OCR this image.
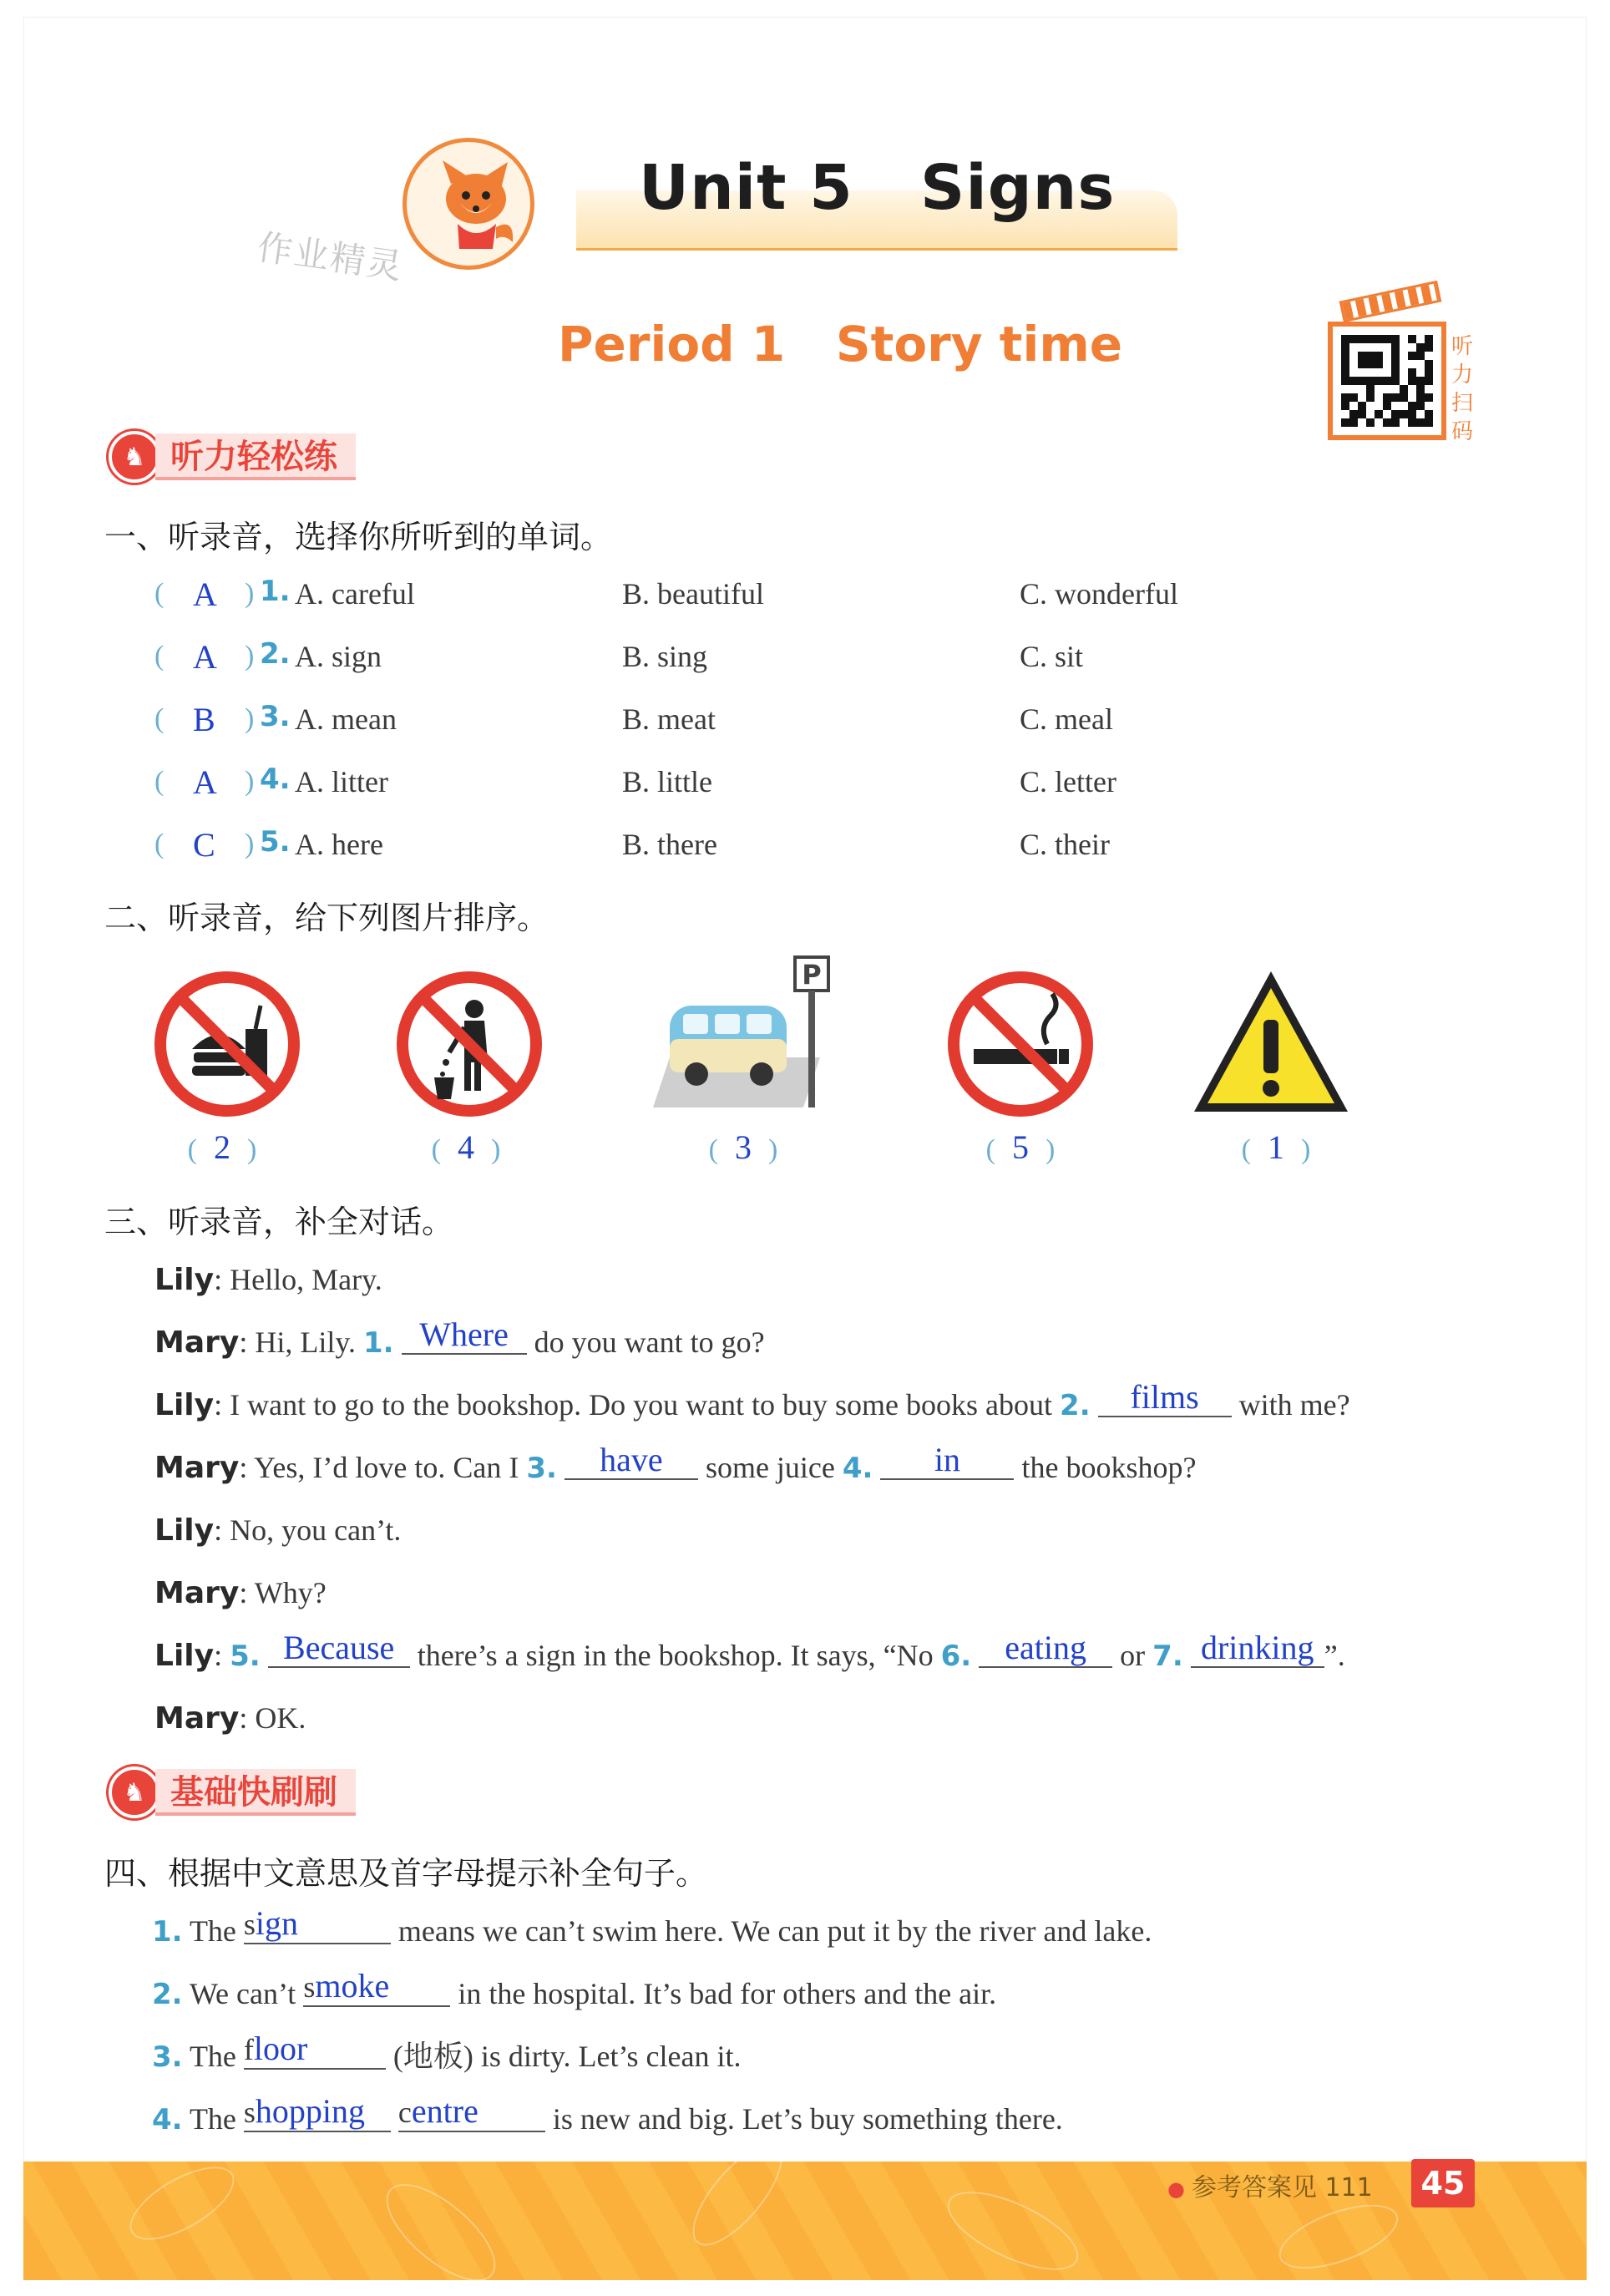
Unit 5   Signs
作业精灵
Period 1   Story time	听力扫码
♞ 听力轻松练
一、听录音，选择你所听到的单词。
( A ) 1. A. careful	B. beautiful	C. wonderful
( A ) 2. A. sign	B. sing	C. sit
( B ) 3. A. mean	B. meat	C. meal
( A ) 4. A. litter	B. little	C. letter
( C ) 5. A. here	B. there	C. their
二、听录音，给下列图片排序。
P
( 2 )	( 4 )	( 3 )	( 5 )	( 1 )
三、听录音，补全对话。
Lily: Hello, Mary.
Mary: Hi, Lily. 1. Where do you want to go?
Lily: I want to go to the bookshop. Do you want to buy some books about 2. films with me?
Mary: Yes, I’d love to. Can I 3. have some juice 4. in the bookshop?
Lily: No, you can’t.
Mary: Why?
Lily: 5. Because there’s a sign in the bookshop. It says, “No 6. eating or 7. drinking ”.
Mary: OK.
♞ 基础快刷刷
四、根据中文意思及首字母提示补全句子。
1. The sign	means we can’t swim here. We can put it by the river and lake.
2. We can’t smoke in the hospital. It’s bad for others and the air.
3. The floor	(地板) is dirty. Let’s clean it.
4. The shopping centre is new and big. Let’s buy something there.
● 参考答案见 111	45
